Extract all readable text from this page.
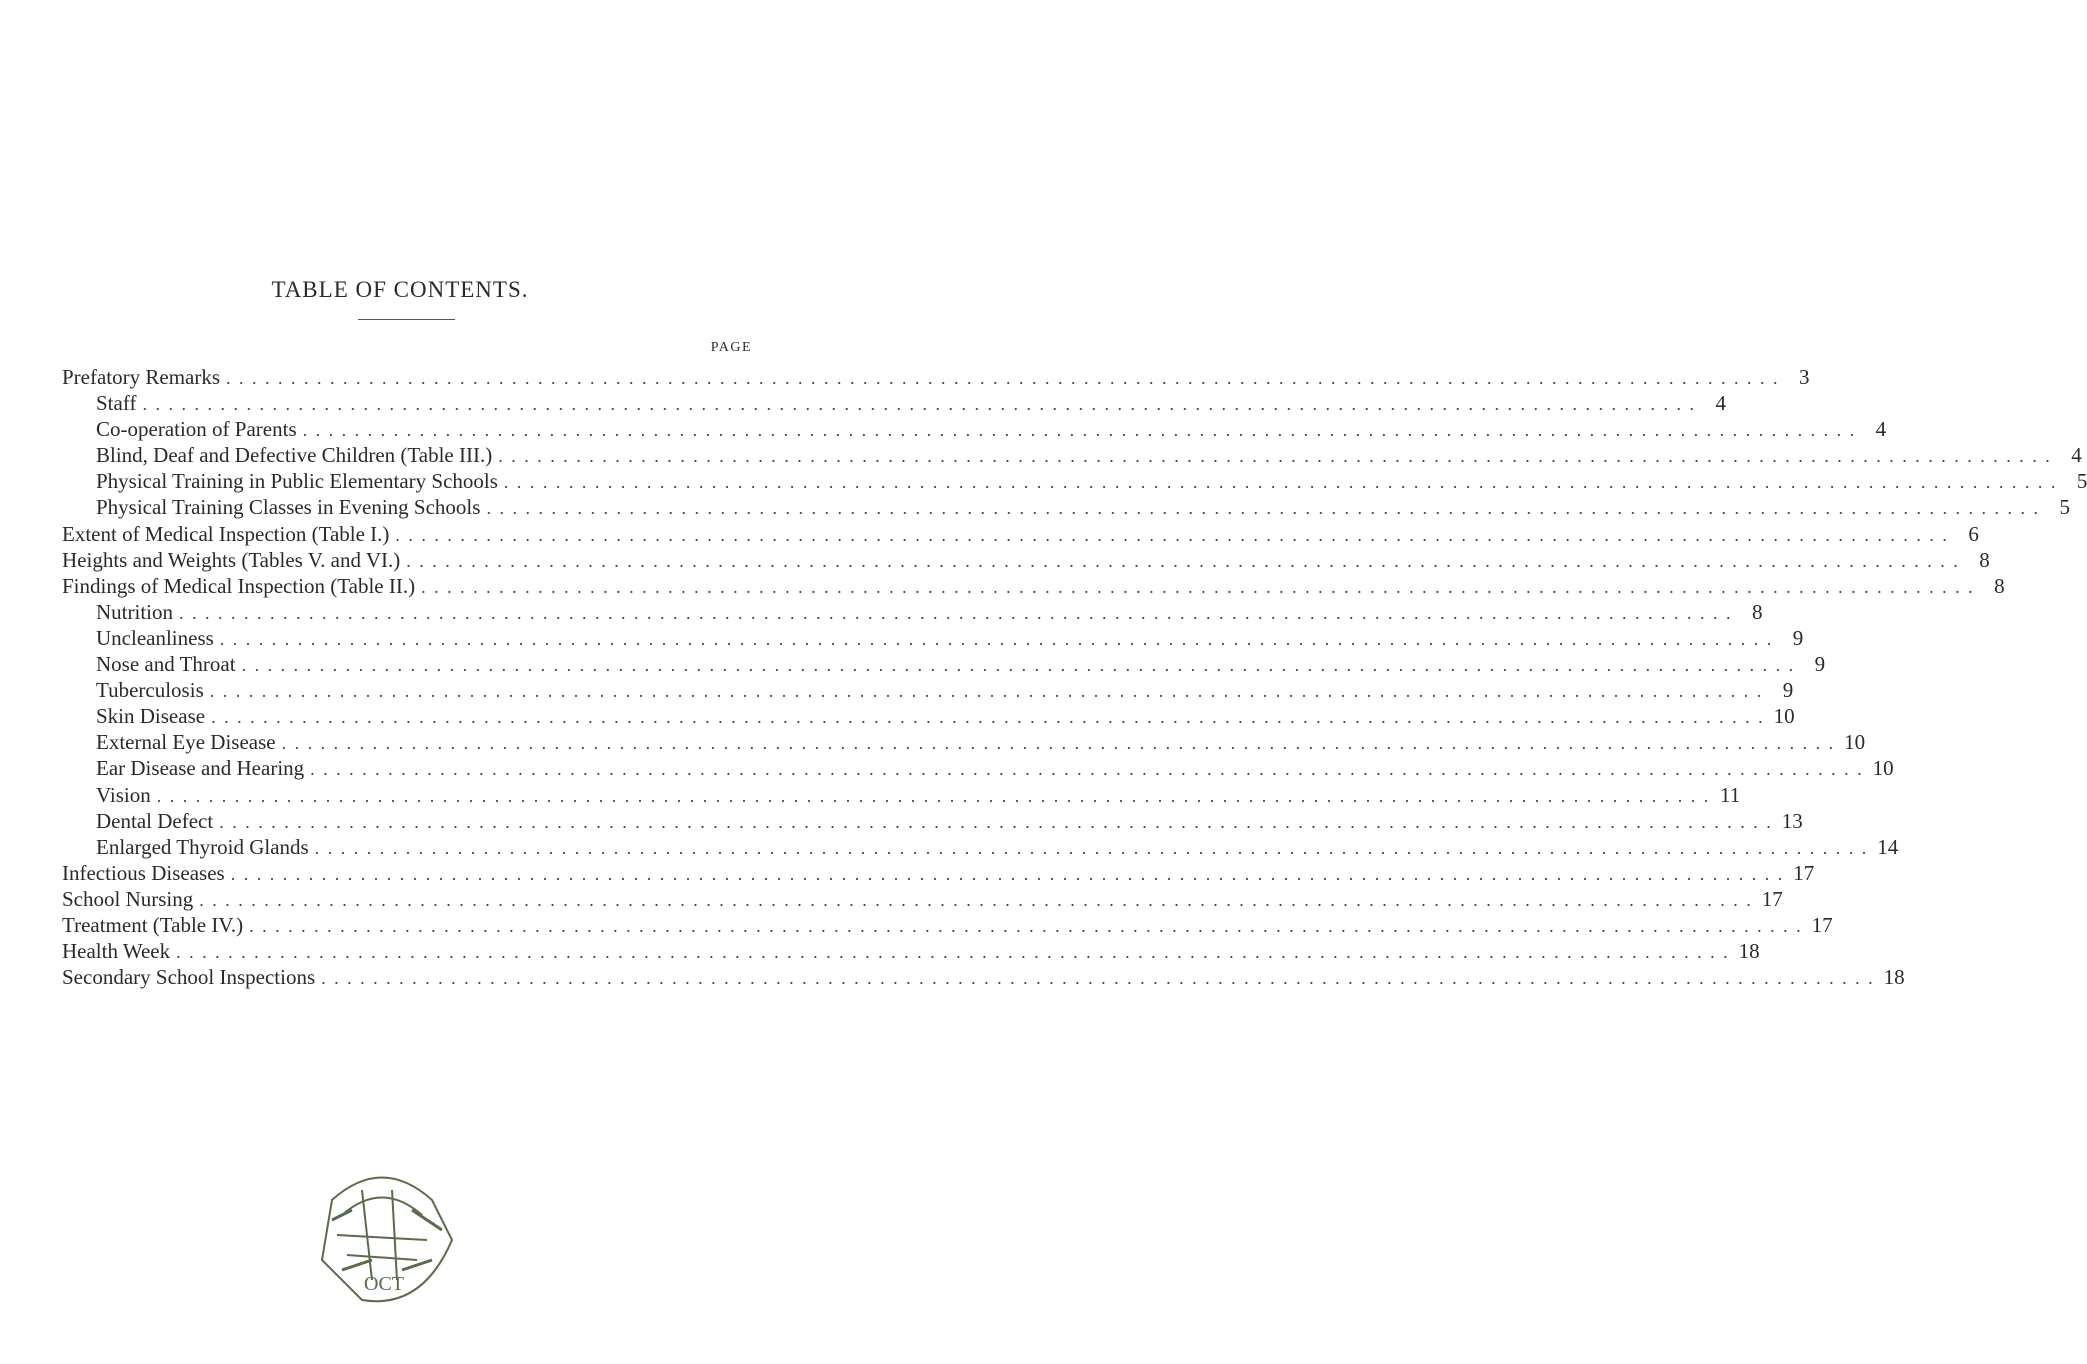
TABLE OF CONTENTS.
PAGE
Prefatory Remarks . . . . . . . . . . . . . . . . . . . . . . . . . . . . . . . . . . . . . . . . . . . . . . . . . . . . . . . . . . . . . . . . . . . . . . . . . . . . . . . . . . . . . . . . . . . . . . . . . . . . . . . . . . . . . . . . . . . . . . . . 3
Staff . . . . . . . . . . . . . . . . . . . . . . . . . . . . . . . . . . . . . . . . . . . . . . . . . . . . . . . . . . . . . . . . . . . . . . . . . . . . . . . . . . . . . . . . . . . . . . . . . . . . . . . . . . . . . . . . . . . . . . . . 4
Co-operation of Parents . . . . . . . . . . . . . . . . . . . . . . . . . . . . . . . . . . . . . . . . . . . . . . . . . . . . . . . . . . . . . . . . . . . . . . . . . . . . . . . . . . . . . . . . . . . . . . . . . . . . . . . . . . . . . . . . . . . . . . . . 4
Blind, Deaf and Defective Children (Table III.) . . . . . . . . . . . . . . . . . . . . . . . . . . . . . . . . . . . . . . . . . . . . . . . . . . . . . . . . . . . . . . . . . . . . . . . . . . . . . . . . . . . . . . . . . . . . . . . . . . . . . . . . . . . . . . . . . . . . . . . . 4
Physical Training in Public Elementary Schools . . . . . . . . . . . . . . . . . . . . . . . . . . . . . . . . . . . . . . . . . . . . . . . . . . . . . . . . . . . . . . . . . . . . . . . . . . . . . . . . . . . . . . . . . . . . . . . . . . . . . . . . . . . . . . . . . . . . . . . . 5
Physical Training Classes in Evening Schools . . . . . . . . . . . . . . . . . . . . . . . . . . . . . . . . . . . . . . . . . . . . . . . . . . . . . . . . . . . . . . . . . . . . . . . . . . . . . . . . . . . . . . . . . . . . . . . . . . . . . . . . . . . . . . . . . . . . . . . . 5
Extent of Medical Inspection (Table I.) . . . . . . . . . . . . . . . . . . . . . . . . . . . . . . . . . . . . . . . . . . . . . . . . . . . . . . . . . . . . . . . . . . . . . . . . . . . . . . . . . . . . . . . . . . . . . . . . . . . . . . . . . . . . . . . . . . . . . . . . 6
Heights and Weights (Tables V. and VI.) . . . . . . . . . . . . . . . . . . . . . . . . . . . . . . . . . . . . . . . . . . . . . . . . . . . . . . . . . . . . . . . . . . . . . . . . . . . . . . . . . . . . . . . . . . . . . . . . . . . . . . . . . . . . . . . . . . . . . . . . 8
Findings of Medical Inspection (Table II.) . . . . . . . . . . . . . . . . . . . . . . . . . . . . . . . . . . . . . . . . . . . . . . . . . . . . . . . . . . . . . . . . . . . . . . . . . . . . . . . . . . . . . . . . . . . . . . . . . . . . . . . . . . . . . . . . . . . . . . . . 8
Nutrition . . . . . . . . . . . . . . . . . . . . . . . . . . . . . . . . . . . . . . . . . . . . . . . . . . . . . . . . . . . . . . . . . . . . . . . . . . . . . . . . . . . . . . . . . . . . . . . . . . . . . . . . . . . . . . . . . . . . . . . . 8
Uncleanliness . . . . . . . . . . . . . . . . . . . . . . . . . . . . . . . . . . . . . . . . . . . . . . . . . . . . . . . . . . . . . . . . . . . . . . . . . . . . . . . . . . . . . . . . . . . . . . . . . . . . . . . . . . . . . . . . . . . . . . . . 9
Nose and Throat . . . . . . . . . . . . . . . . . . . . . . . . . . . . . . . . . . . . . . . . . . . . . . . . . . . . . . . . . . . . . . . . . . . . . . . . . . . . . . . . . . . . . . . . . . . . . . . . . . . . . . . . . . . . . . . . . . . . . . . . 9
Tuberculosis . . . . . . . . . . . . . . . . . . . . . . . . . . . . . . . . . . . . . . . . . . . . . . . . . . . . . . . . . . . . . . . . . . . . . . . . . . . . . . . . . . . . . . . . . . . . . . . . . . . . . . . . . . . . . . . . . . . . . . . . 9
Skin Disease . . . . . . . . . . . . . . . . . . . . . . . . . . . . . . . . . . . . . . . . . . . . . . . . . . . . . . . . . . . . . . . . . . . . . . . . . . . . . . . . . . . . . . . . . . . . . . . . . . . . . . . . . . . . . . . . . . . . . . . . 10
External Eye Disease . . . . . . . . . . . . . . . . . . . . . . . . . . . . . . . . . . . . . . . . . . . . . . . . . . . . . . . . . . . . . . . . . . . . . . . . . . . . . . . . . . . . . . . . . . . . . . . . . . . . . . . . . . . . . . . . . . . . . . . . 10
Ear Disease and Hearing . . . . . . . . . . . . . . . . . . . . . . . . . . . . . . . . . . . . . . . . . . . . . . . . . . . . . . . . . . . . . . . . . . . . . . . . . . . . . . . . . . . . . . . . . . . . . . . . . . . . . . . . . . . . . . . . . . . . . . . . 10
Vision . . . . . . . . . . . . . . . . . . . . . . . . . . . . . . . . . . . . . . . . . . . . . . . . . . . . . . . . . . . . . . . . . . . . . . . . . . . . . . . . . . . . . . . . . . . . . . . . . . . . . . . . . . . . . . . . . . . . . . . . 11
Dental Defect . . . . . . . . . . . . . . . . . . . . . . . . . . . . . . . . . . . . . . . . . . . . . . . . . . . . . . . . . . . . . . . . . . . . . . . . . . . . . . . . . . . . . . . . . . . . . . . . . . . . . . . . . . . . . . . . . . . . . . . . 13
Enlarged Thyroid Glands . . . . . . . . . . . . . . . . . . . . . . . . . . . . . . . . . . . . . . . . . . . . . . . . . . . . . . . . . . . . . . . . . . . . . . . . . . . . . . . . . . . . . . . . . . . . . . . . . . . . . . . . . . . . . . . . . . . . . . . . 14
Infectious Diseases . . . . . . . . . . . . . . . . . . . . . . . . . . . . . . . . . . . . . . . . . . . . . . . . . . . . . . . . . . . . . . . . . . . . . . . . . . . . . . . . . . . . . . . . . . . . . . . . . . . . . . . . . . . . . . . . . . . . . . . . 17
School Nursing . . . . . . . . . . . . . . . . . . . . . . . . . . . . . . . . . . . . . . . . . . . . . . . . . . . . . . . . . . . . . . . . . . . . . . . . . . . . . . . . . . . . . . . . . . . . . . . . . . . . . . . . . . . . . . . . . . . . . . . . 17
Treatment (Table IV.) . . . . . . . . . . . . . . . . . . . . . . . . . . . . . . . . . . . . . . . . . . . . . . . . . . . . . . . . . . . . . . . . . . . . . . . . . . . . . . . . . . . . . . . . . . . . . . . . . . . . . . . . . . . . . . . . . . . . . . . . 17
Health Week . . . . . . . . . . . . . . . . . . . . . . . . . . . . . . . . . . . . . . . . . . . . . . . . . . . . . . . . . . . . . . . . . . . . . . . . . . . . . . . . . . . . . . . . . . . . . . . . . . . . . . . . . . . . . . . . . . . . . . . . 18
Secondary School Inspections . . . . . . . . . . . . . . . . . . . . . . . . . . . . . . . . . . . . . . . . . . . . . . . . . . . . . . . . . . . . . . . . . . . . . . . . . . . . . . . . . . . . . . . . . . . . . . . . . . . . . . . . . . . . . . . . . . . . . . . . 18
OCT
